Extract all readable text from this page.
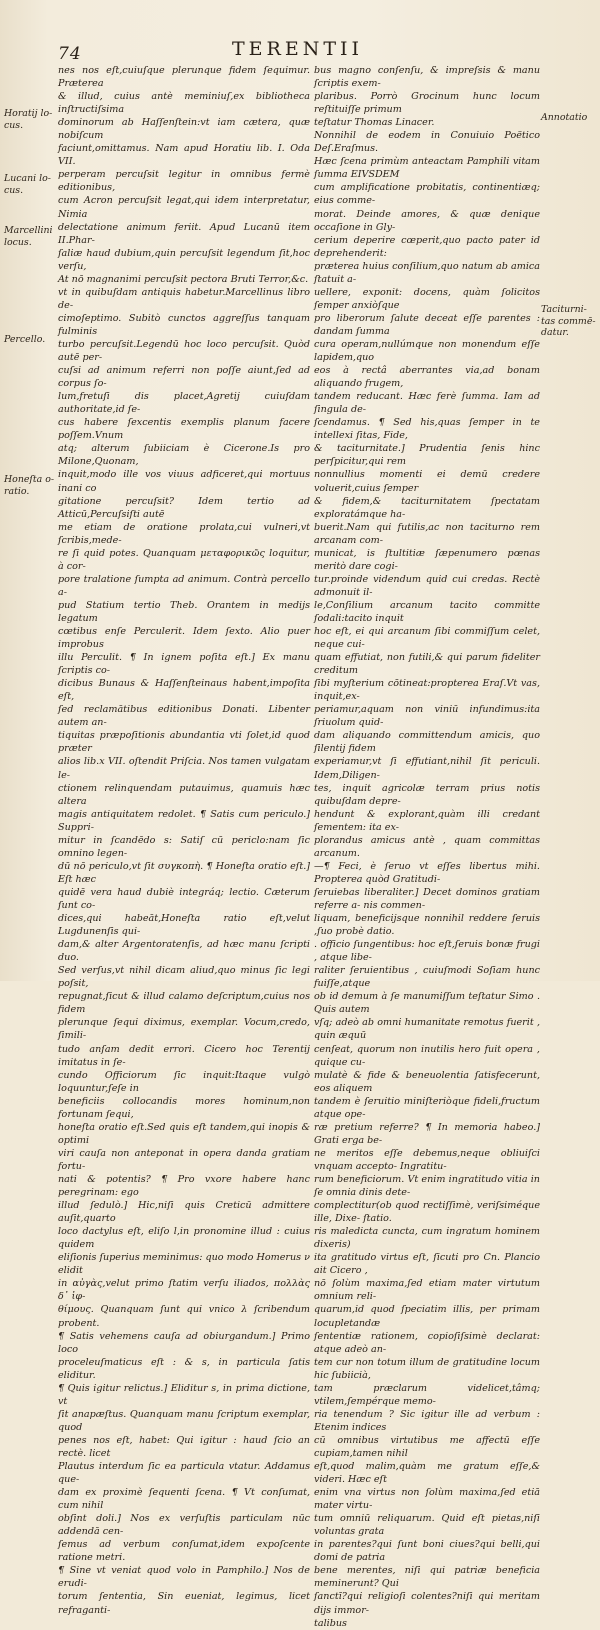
74	TERENTII

nes nos eſt,cuiuſque plerunque fidem ſequimur. Præterea

& illud, cuius antè meminiuſ,ex bibliotheca inſtructiſsima

dominorum ab Haſſenſtein:vt iam cætera, quæ nobiſcum

faciunt,omittamus. Nam apud Horatiu lib. I. Oda VII.

perperam percuſsit legitur in omnibus fermè editionibus,

cum Acron percuſsit legat,qui idem interpretatur, Nimia

delectatione animum feriit. Apud Lucanū item II.Phar-

ſaliæ haud dubium,quin percuſsit legendum ſit,hoc verſu,

At nō magnanimi percuſsit pectora Bruti Terror,&c.

vt in quibuſdam antiquis habetur.Marcellinus libro de-

cimoſeptimo. Subitò cunctos aggreſſus tanquam fulminis

turbo percuſsit.Legendū hoc loco percuſsit. Quòd autē per-

cuſsi ad animum referri non poſſe aiunt,ſed ad corpus ſo-

lum,fretuſi dis placet,Agretij cuiuſdam authoritate,id ſe-

cus habere ſexcentis exemplis planum facere poſſem.Vnum

atq; alterum ſubiiciam è Cicerone.Is pro Milone,Quonam,

inquit,modo ille vos viuus adficeret,qui mortuus inani co

gitatione percuſsit? Idem tertio ad Atticū,Percuſsiſti autē

me etiam de oratione prolata,cui vulneri,vt ſcribis,mede-

re ſi quid potes. Quanquam μεταφορικῶς loquitur, à cor-

pore tralatione ſumpta ad animum. Contrà percello a-

pud Statium tertio Theb. Orantem in medijs legatum

cœtibus enſe Perculerit. Idem ſexto. Alio puer improbus

illu Perculit. ¶ In ignem poſita eſt.] Ex manu ſcriptis co-

dicibus Bunaus & Haſſenſteinaus habent,impoſita eſt,

ſed reclamātibus editionibus Donati. Libenter autem an-

tiquitas præpoſitionis abundantia vti ſolet,id quod præter

alios lib.x VII. oſtendit Priſcia. Nos tamen vulgatam le-

ctionem relinquendam putauimus, quamuis hæc altera

magis antiquitatem redolet. ¶ Satis cum periculo.] Suppri-

mitur in ſcandēdo s: Satiſ cū periclo:nam ſic omnino legen-

dū nō periculo,vt ſit συγκοπὴ. ¶ Honeſta oratio eſt.] Eſt hæc

quidē vera haud dubiè integráq; lectio. Cæterum ſunt co-

dices,qui habeāt,Honeſta ratio eſt,velut Lugdunenſis qui-

dam,& alter Argentoratenſis, ad hæc manu ſcripti duo.

Sed verſus,vt nihil dicam aliud,quo minus ſic legi poſsit,

repugnat,ſicut & illud calamo deſcriptum,cuius nos fidem

plerunque ſequi diximus, exemplar. Vocum,credo, ſimili-

tudo anſam dedit errori. Cicero hoc Terentij imitatus in ſe-

cundo Officiorum ſic inquit:Itaque vulgò loquuntur,ſeſe in

beneficiis collocandis mores hominum,non fortunam ſequi,

honeſta oratio eſt.Sed quis eſt tandem,qui inopis & optimi

viri cauſa non anteponat in opera danda gratiam fortu-

nati & potentis? ¶ Pro vxore habere hanc peregrinam: ego

illud ſedulò.] Hic,niſi quis Creticū admittere auſit,quarto

loco dactylus eſt, eliſo l,in pronomine illud : cuius quidem

eliſionis ſuperius meminimus: quo modo Homerus ν elidit

in αὐγὰς,velut primo ſtatim verſu iliados, πολλὰς δ᾽ ἰφ-

θίμους. Quanquam ſunt qui vnico λ ſcribendum probent.

¶ Satis vehemens cauſa ad obiurgandum.] Primo loco

proceleuſmaticus eſt : & s, in particula ſatis eliditur.

¶ Quis igitur relictus.] Eliditur s, in prima dictione, vt

ſit anapæſtus. Quanquam manu ſcriptum exemplar, quod

penes nos eſt, habet: Qui igitur : haud ſcio an rectè. licet

Plautus interdum ſic ea particula vtatur. Addamus que-

dam ex proximè ſequenti ſcena. ¶ Vt conſumat, cum nihil

obſint doli.] Nos ex verſuſtis particulam nūc addendā cen-

ſemus ad verbum conſumat,idem expoſcente ratione metri.

¶ Sine vt veniat quod volo in Pamphilo.] Nos de erudi-

torum ſententia, Sin eueniat, legimus, licet refraganti-

bus magno conſenſu, & impreſsis & manu ſcriptis exem-

plaribus. Porrò Grocinum hunc locum reſtituiſſe primum

teſtatur Thomas Linacer.

Nonnihil de eodem in Conuiuio Poëtico Deſ.Eraſmus.

Hæc ſcena primùm anteactam Pamphili vitam ſumma EIVSDEM

cum amplificatione probitatis, continentiæq; eius comme-

morat. Deinde amores, & quæ denique occaſione in Gly-

cerium deperire cœperit,quo pacto pater id deprehenderit:

præterea huius conſilium,quo natum ab amica ſtatuit a-

uellere, exponit: docens, quàm ſolicitos ſemper anxiòſque

pro liberorum ſalute deceat eſſe parentes : dandam ſumma

cura operam,nullúmque non monendum eſſe lapidem,quo

eos à rectâ aberrantes via,ad bonam aliquando frugem,

tandem reducant. Hæc ferè ſumma. Iam ad ſingula de-

ſcendamus. ¶ Sed his,quas ſemper in te intellexi ſitas, Fide,

& taciturnitate.] Prudentia ſenis hinc perſpicitur,qui rem

nonnullius momenti ei demū credere voluerit,cuius ſemper

& fidem,& taciturnitatem ſpectatam exploratámque ha-

buerit.Nam qui futilis,ac non taciturno rem arcanam com-

municat, is ſtultitiæ ſæpenumero pœnas meritò dare cogi-

tur.proinde videndum quid cui credas. Rectè admonuit il-

le,Conſilium arcanum tacito committe ſodali:tacito inquit

hoc eſt, ei qui arcanum ſibi commiſſum celet, neque cui-

quam effutiat, non futili,& qui parum fideliter creditum

ſibi myſterium cōtineat:propterea Eraſ.Vt vas, inquit,ex-

periamur,aquam non viniū infundimus:ita ſriuolum quid-

dam aliquando committendum amicis, quo ſilentij fidem

experiamur,vt ſi effutiant,nihil ſit periculi. Idem,Diligen-

tes, inquit agricolæ terram prius notis quibuſdam depre-

hendunt & explorant,quàm illi credant ſementem: ita ex-

plorandus amicus antè , quam committas arcanum.

—¶ Feci, è ſeruo vt eſſes libertus mihi. Propterea quòd Gratitudi-

ſeruiebas liberaliter.] Decet dominos gratiam referre a- nis commen-

liquam, beneficijsque nonnihil reddere ſeruis ,ſuo probè datio.

. officio ſungentibus: hoc eſt,ſeruis bonæ frugi , atque libe-

raliter ſeruientibus , cuiuſmodi Soſiam hunc fuiſſe,atque

ob id demum à ſe manumiſſum teſtatur Simo . Quis autem

vſq; adeò ab omni humanitate remotus fuerit , quin æquū

cenſeat, quorum non inutilis hero fuit opera , quique cu-

mulatè & fide & beneuolentia ſatisfecerunt, eos aliquem

tandem è ſeruitio miniſteriòque fideli,fructum atque ope-

ræ pretium referre? ¶ In memoria habeo.] Grati erga be-

ne meritos eſſe debemus,neque obliuiſci vnquam accepto- Ingratitu-

rum beneficiorum. Vt enim ingratitudo vitia in ſe omnia dinis dete-

complectitur(ob quod rectiſſimè, veriſsiméque ille, Dixe- ſtatio.

ris maledicta cuncta, cum ingratum hominem dixeris)

ita gratitudo virtus eſt, ſicuti pro Cn. Plancio ait Cicero ,

nō ſolùm maxima,ſed etiam mater virtutum omnium reli-

quarum,id quod ſpeciatim illis, per primam locupletandæ

ſententiæ rationem, copioſiſsimè declarat: atque adeò an-

tem cur non totum illum de gratitudine locum hic ſubiicià,

tam præclarum videlicet,tâmq; vtilem,ſempérque memo-

ria tenendum ? Sic igitur ille ad verbum : Etenim indices

cū omnibus virtutibus me affectū eſſe cupiam,tamen nihil

eſt,quod malim,quàm me gratum eſſe,& videri. Hæc eſt

enim vna virtus non ſolùm maxima,ſed etiā mater virtu-

tum omniū reliquarum. Quid eſt pietas,niſi voluntas grata

in parentes?qui ſunt boni ciues?qui belli,qui domi de patria

bene merentes, niſi qui patriæ beneficia meminerunt? Qui

ſanctī?qui religioſi colentes?niſi qui meritam dijs immor-

talibus

Horatij lo-
cus.
Lucani lo-
cus.
Marcellini
locus.
Percello.
Honeſta o-
ratio.
Annotatio
Taciturni-
tas commē-
datur.
